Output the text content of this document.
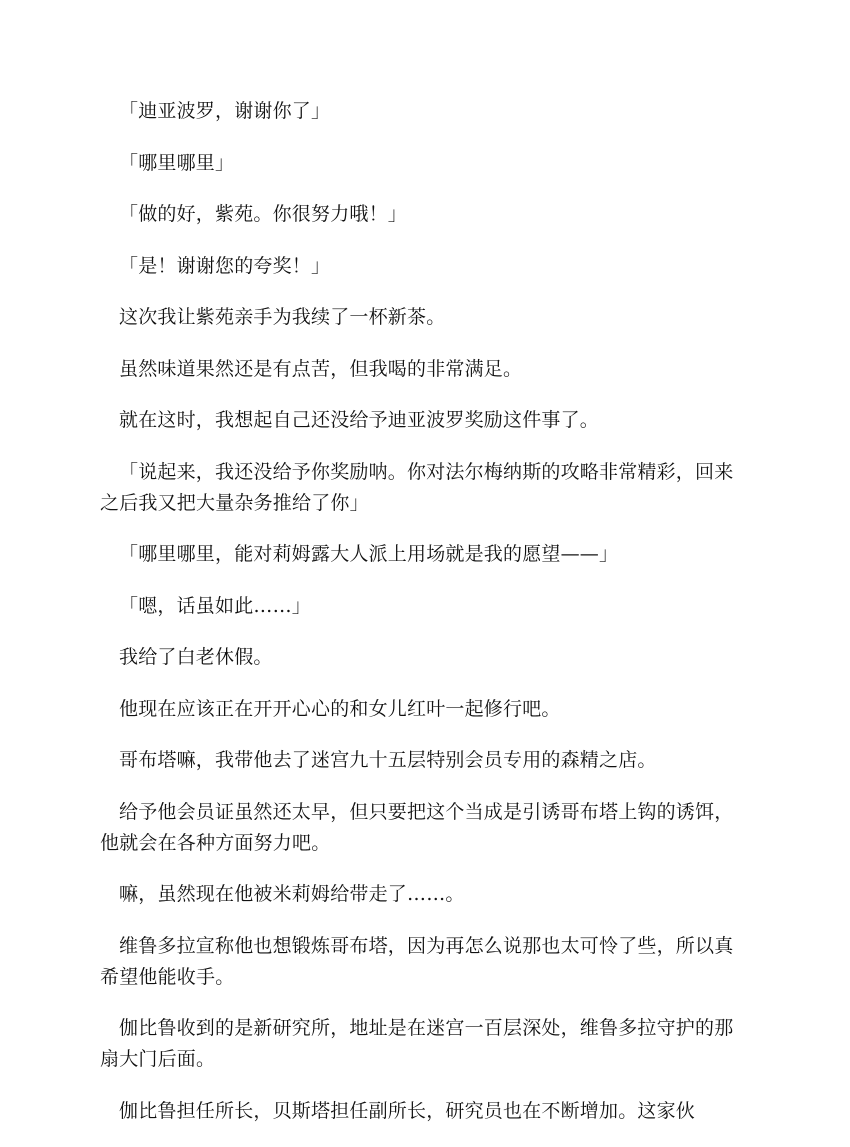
「迪亚波罗，谢谢你了」

「哪里哪里」

「做的好，紫苑。你很努力哦！」

「是！谢谢您的夸奖！」

这次我让紫苑亲手为我续了一杯新茶。

虽然味道果然还是有点苦，但我喝的非常满足。

就在这时，我想起自己还没给予迪亚波罗奖励这件事了。

「说起来，我还没给予你奖励呐。你对法尔梅纳斯的攻略非常精彩，回来之后我又把大量杂务推给了你」

「哪里哪里，能对莉姆露大人派上用场就是我的愿望——」

「嗯，话虽如此……」

我给了白老休假。

他现在应该正在开开心心的和女儿红叶一起修行吧。

哥布塔嘛，我带他去了迷宫九十五层特别会员专用的森精之店。

给予他会员证虽然还太早，但只要把这个当成是引诱哥布塔上钩的诱饵，他就会在各种方面努力吧。

嘛，虽然现在他被米莉姆给带走了……。

维鲁多拉宣称他也想锻炼哥布塔，因为再怎么说那也太可怜了些，所以真希望他能收手。

伽比鲁收到的是新研究所，地址是在迷宫一百层深处，维鲁多拉守护的那扇大门后面。

伽比鲁担任所长，贝斯塔担任副所长，研究员也在不断增加。这家伙
